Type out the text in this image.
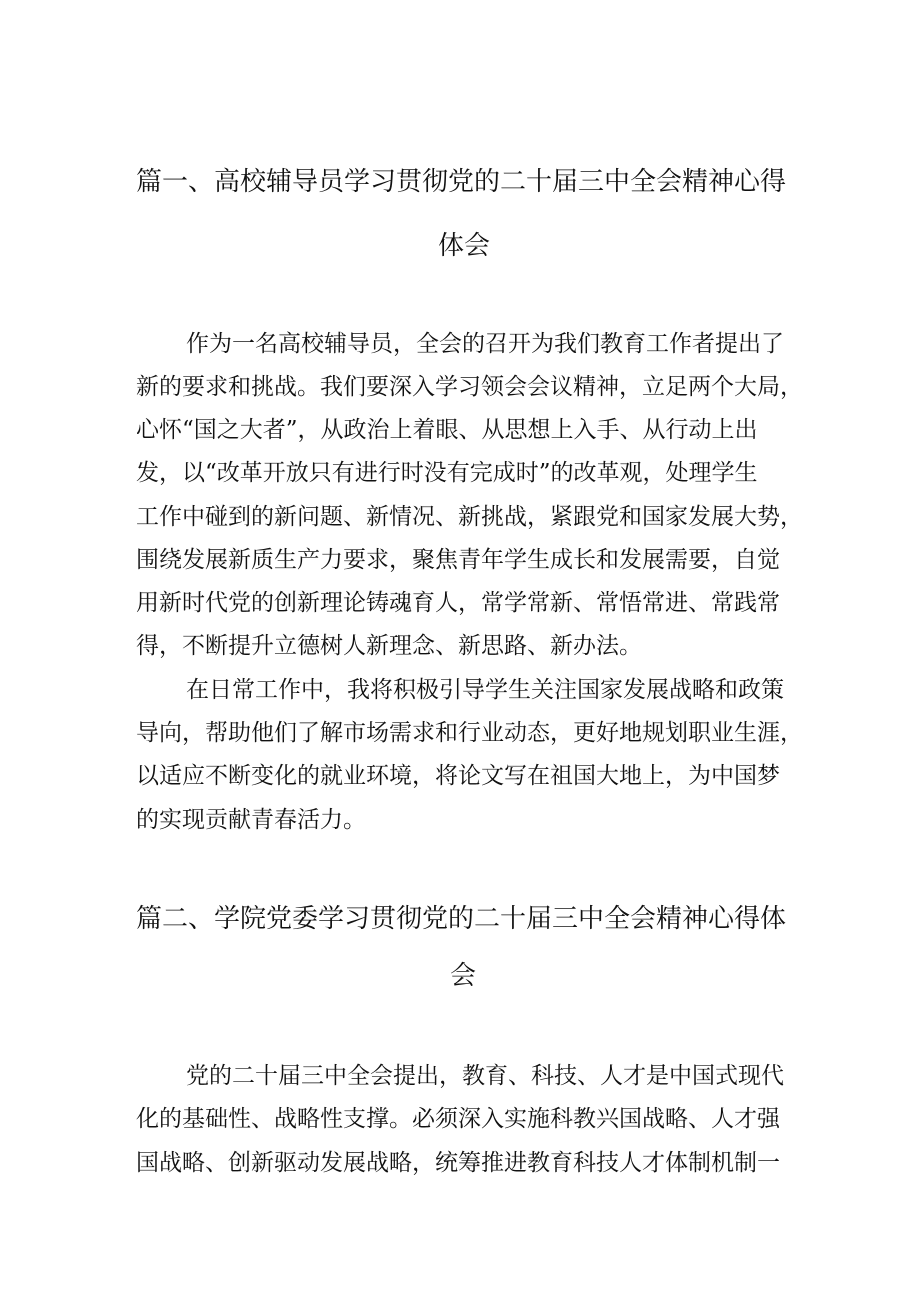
篇一、高校辅导员学习贯彻党的二十届三中全会精神心得
体会
作为一名高校辅导员，全会的召开为我们教育工作者提出了
新的要求和挑战。我们要深入学习领会会议精神，立足两个大局，
心怀“国之大者”，从政治上着眼、从思想上入手、从行动上出
发，以“改革开放只有进行时没有完成时”的改革观，处理学生
工作中碰到的新问题、新情况、新挑战，紧跟党和国家发展大势，
围绕发展新质生产力要求，聚焦青年学生成长和发展需要，自觉
用新时代党的创新理论铸魂育人，常学常新、常悟常进、常践常
得，不断提升立德树人新理念、新思路、新办法。
在日常工作中，我将积极引导学生关注国家发展战略和政策
导向，帮助他们了解市场需求和行业动态，更好地规划职业生涯，
以适应不断变化的就业环境，将论文写在祖国大地上，为中国梦
的实现贡献青春活力。
篇二、学院党委学习贯彻党的二十届三中全会精神心得体
会
党的二十届三中全会提出，教育、科技、人才是中国式现代
化的基础性、战略性支撑。必须深入实施科教兴国战略、人才强
国战略、创新驱动发展战略，统筹推进教育科技人才体制机制一
